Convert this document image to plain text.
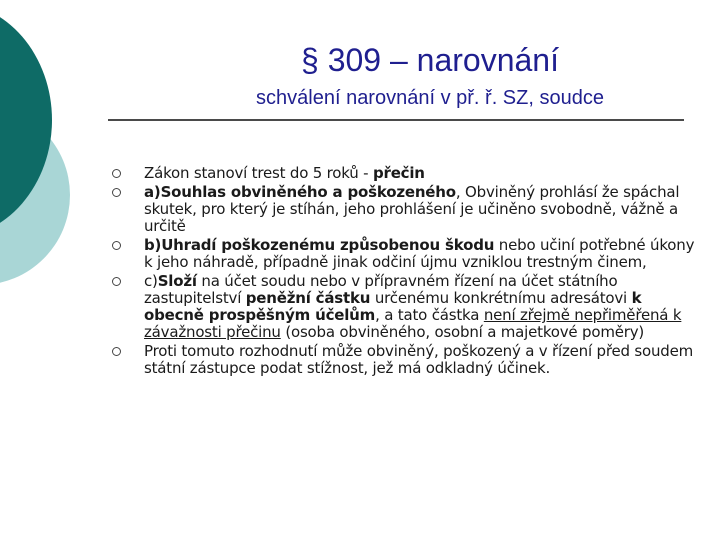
§ 309 – narovnání
schválení narovnání v př. ř. SZ, soudce
Zákon stanoví trest do 5 roků - přečin
a)Souhlas obviněného a poškozeného, Obviněný prohlásí že spáchal skutek, pro který je stíhán, jeho prohlášení je učiněno svobodně, vážně a určitě
b)Uhradí poškozenému způsobenou škodu nebo učiní potřebné úkony k jeho náhradě, případně jinak odčiní újmu vzniklou trestným činem,
c)Složí na účet soudu nebo v přípravném řízení na účet státního zastupitelství peněžní částku určenému konkrétnímu adresátovi k obecně prospěšným účelům, a tato částka není zřejmě nepřiměřená k závažnosti přečinu (osoba obviněného, osobní a majetkové poměry)
Proti tomuto rozhodnutí může obviněný, poškozený a v řízení před soudem státní zástupce podat stížnost, jež má odkladný účinek.
